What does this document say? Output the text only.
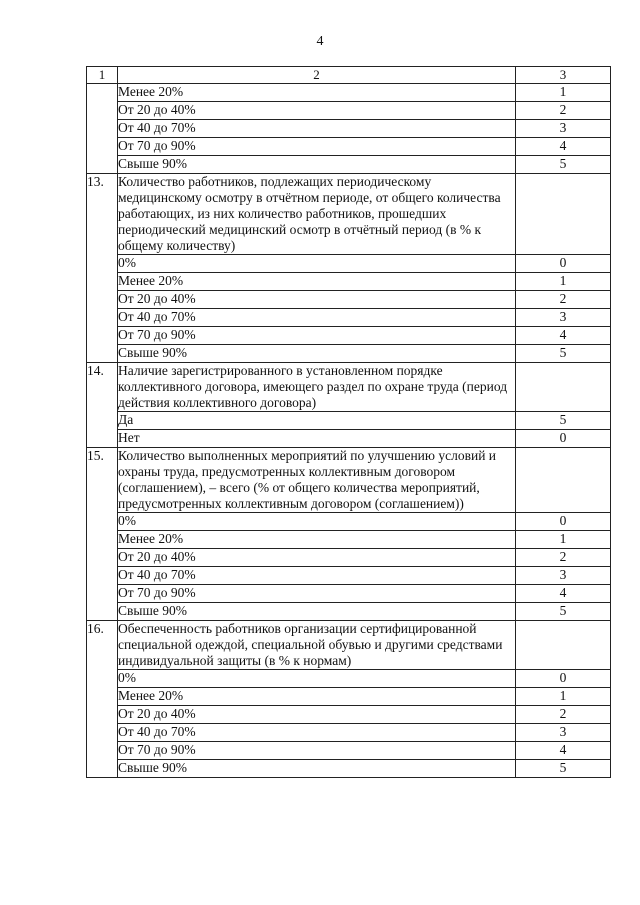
4
1	2	3
	Менее 20%	1
	От 20 до 40%	2
	От 40 до 70%	3
	От 70 до 90%	4
	Свыше 90%	5
13.	Количество работников, подлежащих периодическому медицинскому осмотру в отчётном периоде, от общего количества работающих, из них количество работников, прошедших периодический медицинский осмотр в отчётный период (в % к общему количеству)	
	0%	0
	Менее 20%	1
	От 20 до 40%	2
	От 40 до 70%	3
	От 70 до 90%	4
	Свыше 90%	5
14.	Наличие зарегистрированного в установленном порядке коллективного договора, имеющего раздел по охране труда (период действия коллективного договора)	
	Да	5
	Нет	0
15.	Количество выполненных мероприятий по улучшению условий и охраны труда, предусмотренных коллективным договором (соглашением), – всего (% от общего количества мероприятий, предусмотренных коллективным договором (соглашением))	
	0%	0
	Менее 20%	1
	От 20 до 40%	2
	От 40 до 70%	3
	От 70 до 90%	4
	Свыше 90%	5
16.	Обеспеченность работников организации сертифицированной специальной одеждой, специальной обувью и другими средствами индивидуальной защиты (в % к нормам)	
	0%	0
	Менее 20%	1
	От 20 до 40%	2
	От 40 до 70%	3
	От 70 до 90%	4
	Свыше 90%	5
